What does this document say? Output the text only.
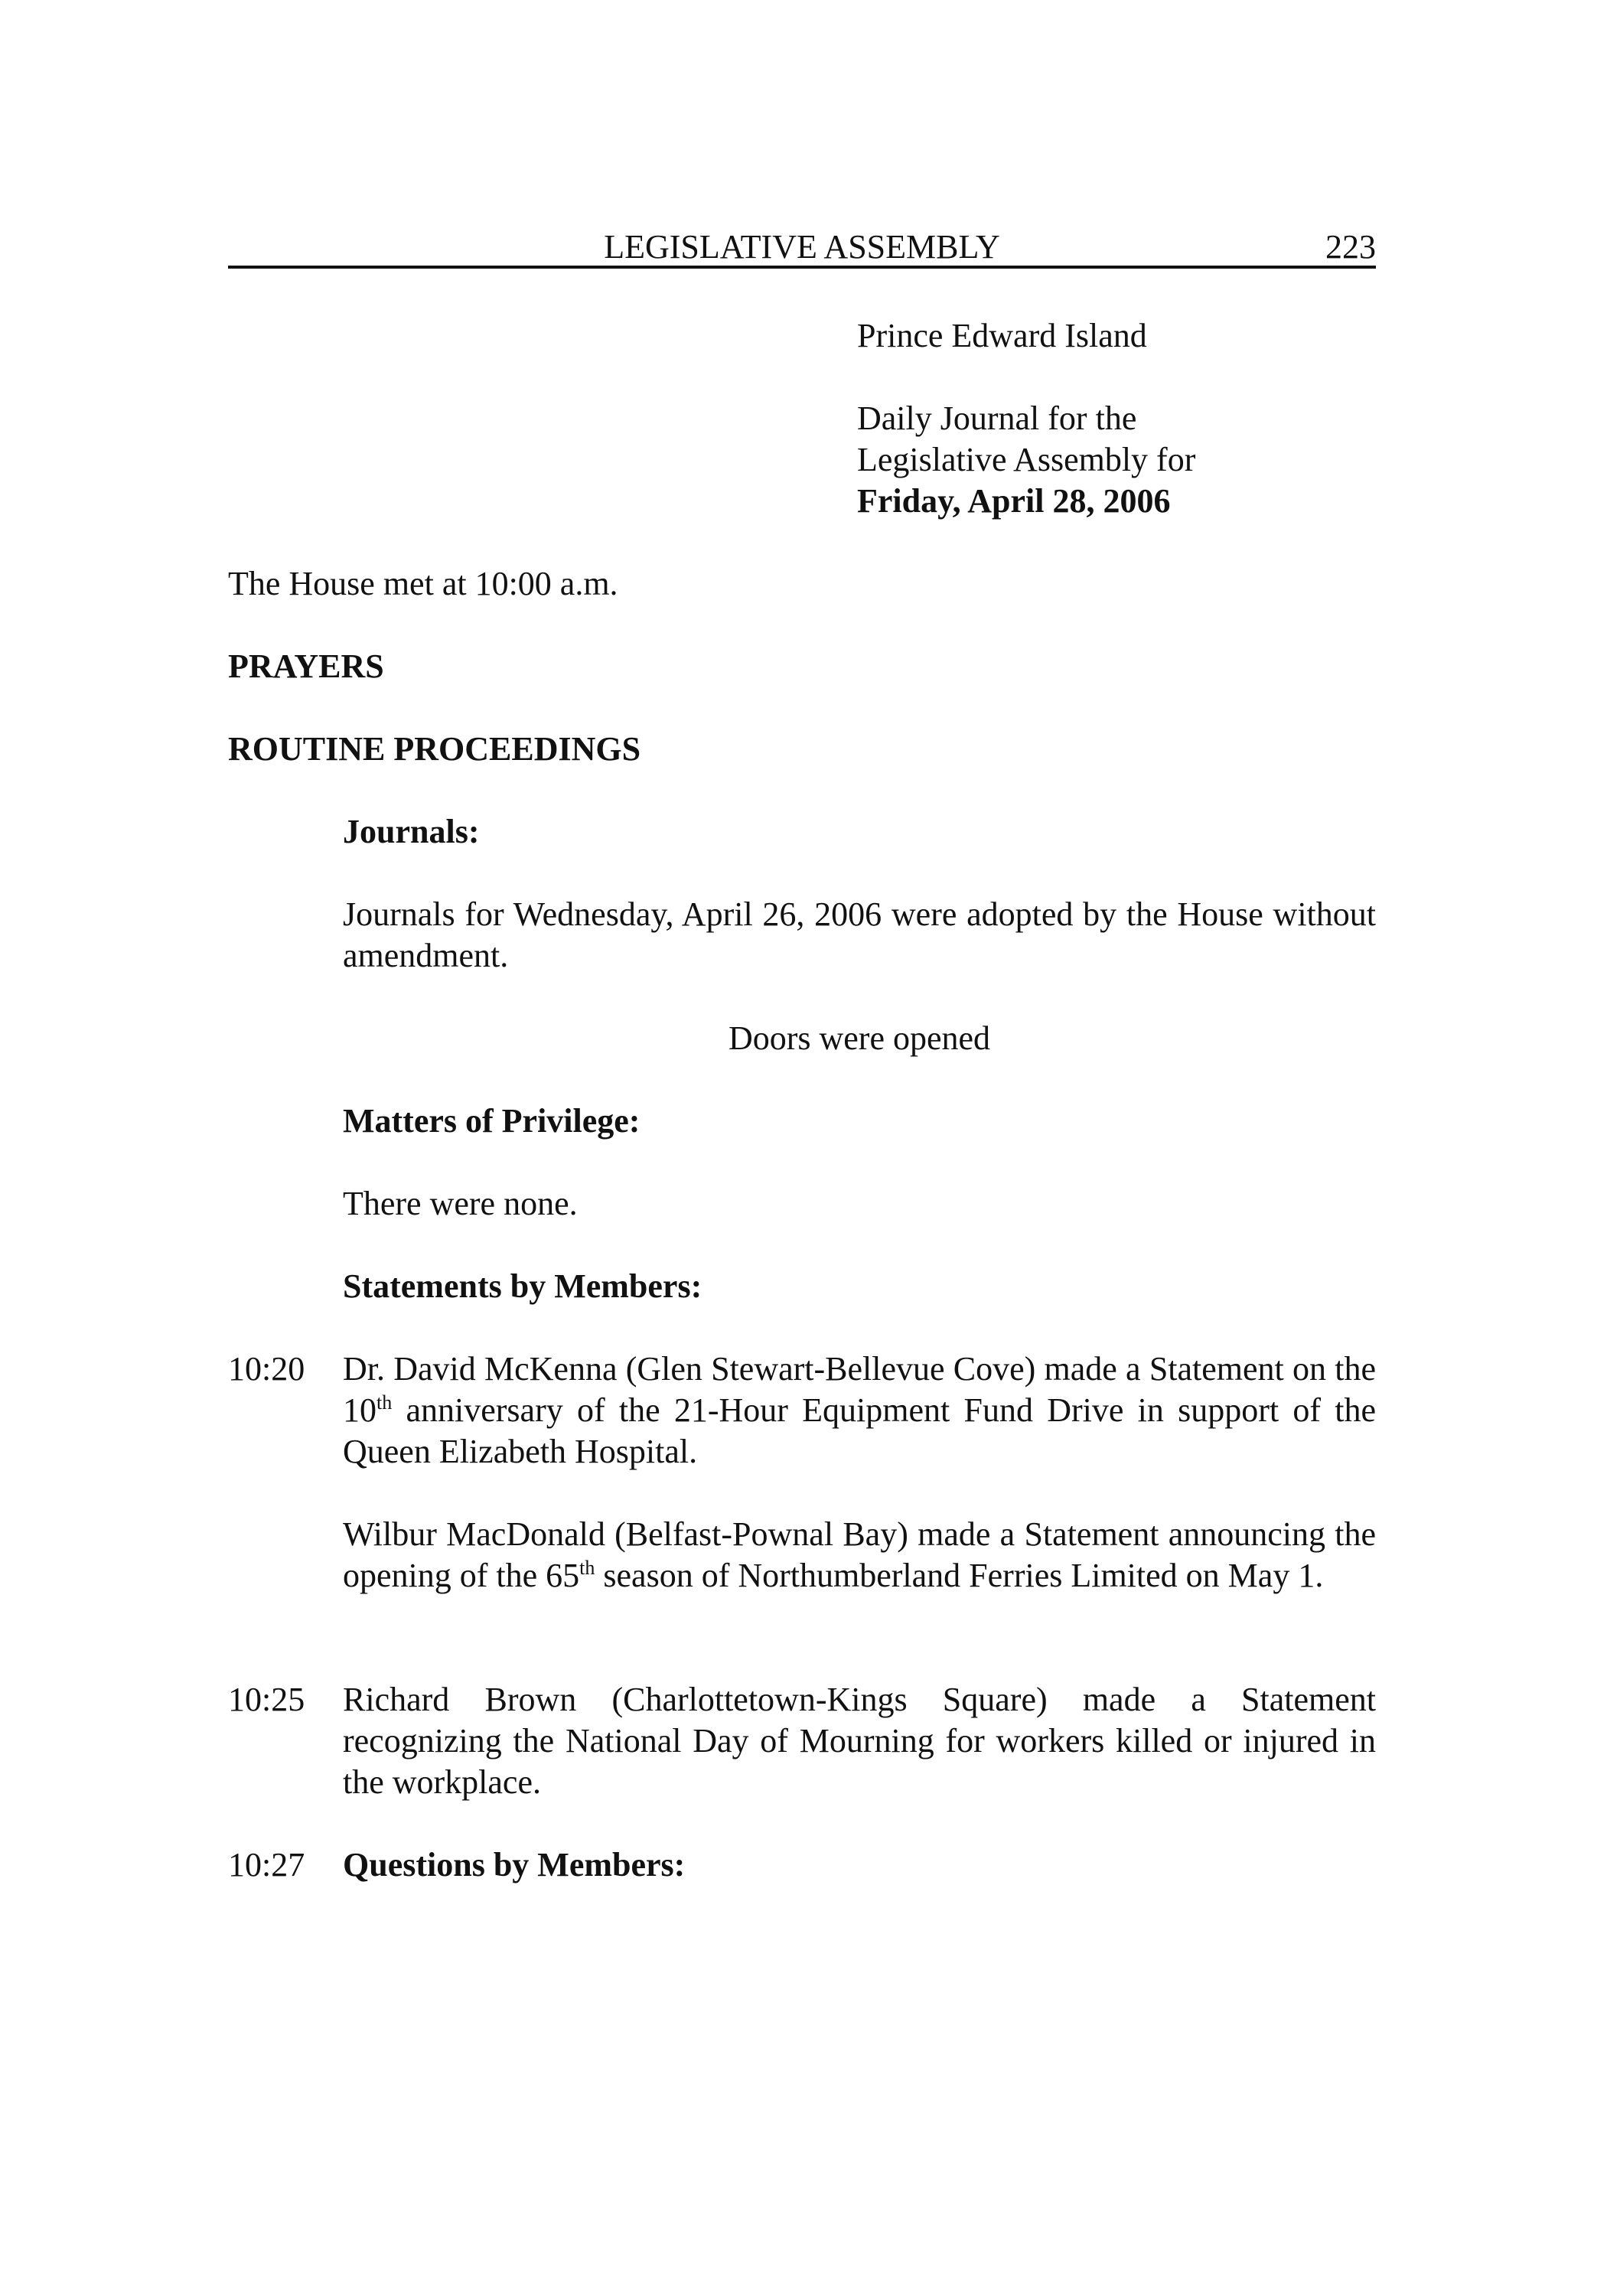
LEGISLATIVE ASSEMBLY	223

Prince Edward Island

Daily Journal for the

Legislative Assembly for

Friday, April 28, 2006

The House met at 10:00 a.m.

PRAYERS

ROUTINE PROCEEDINGS

Journals:

Journals for Wednesday, April 26, 2006 were adopted by the House without amendment.

Doors were opened

Matters of Privilege:

There were none.

Statements by Members:

10:20 Dr. David McKenna (Glen Stewart-Bellevue Cove) made a Statement on the 10th anniversary of the 21-Hour Equipment Fund Drive in support of the Queen Elizabeth Hospital.

Wilbur MacDonald (Belfast-Pownal Bay) made a Statement announcing the opening of the 65th season of Northumberland Ferries Limited on May 1.

10:25 Richard Brown (Charlottetown-Kings Square) made a Statement recognizing the National Day of Mourning for workers killed or injured in the workplace.

10:27 Questions by Members:
